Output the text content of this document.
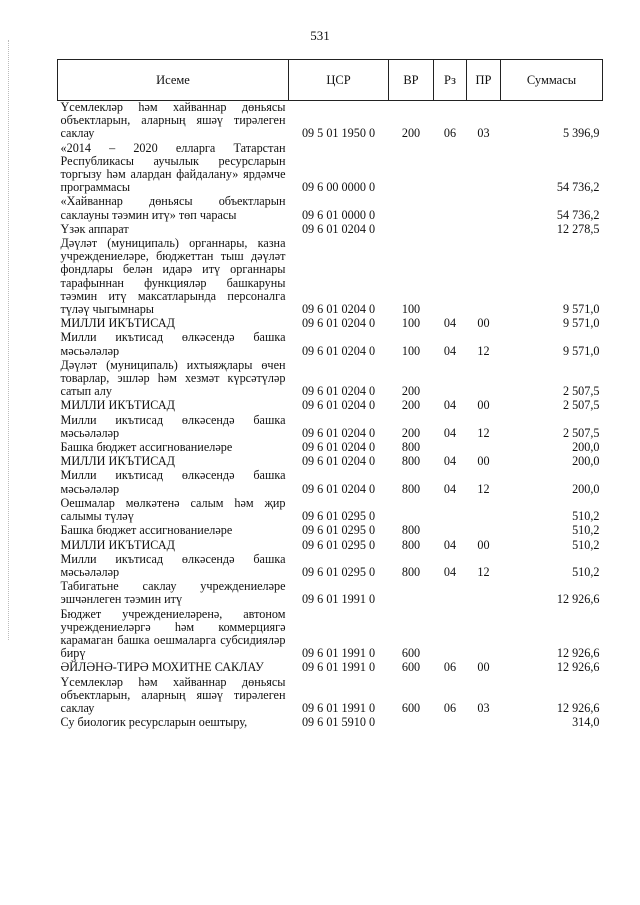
531
Исеме	ЦСР	ВР	Рз	ПР	Суммасы
Үсемлекләр һәм хайваннар дөньясы объектларын, аларның яшәү тирәлеген саклау	09 5 01 1950 0	200	06	03	5 396,9
«2014 – 2020 елларга Татарстан Республикасы аучылык ресурсларын торгызу һәм алардан файдалану» ярдәмче программасы	09 6 00 0000 0				54 736,2
«Хайваннар дөньясы объектларын саклауны тәэмин итү» төп чарасы	09 6 01 0000 0				54 736,2
Үзәк аппарат	09 6 01 0204 0				12 278,5
Дәүләт (муниципаль) органнары, казна учреждениеләре, бюджеттан тыш дәүләт фондлары белән идарә итү органнары тарафыннан функцияләр башкаруны тәэмин итү максатларында персоналга түләү чыгымнары	09 6 01 0204 0	100			9 571,0
МИЛЛИ ИКЪТИСАД	09 6 01 0204 0	100	04	00	9 571,0
Милли икътисад өлкәсендә башка мәсьәләләр	09 6 01 0204 0	100	04	12	9 571,0
Дәүләт (муниципаль) ихтыяҗлары өчен товарлар, эшләр һәм хезмәт күрсәтүләр сатып алу	09 6 01 0204 0	200			2 507,5
МИЛЛИ ИКЪТИСАД	09 6 01 0204 0	200	04	00	2 507,5
Милли икътисад өлкәсендә башка мәсьәләләр	09 6 01 0204 0	200	04	12	2 507,5
Башка бюджет ассигнованиеләре	09 6 01 0204 0	800			200,0
МИЛЛИ ИКЪТИСАД	09 6 01 0204 0	800	04	00	200,0
Милли икътисад өлкәсендә башка мәсьәләләр	09 6 01 0204 0	800	04	12	200,0
Оешмалар мөлкәтенә салым һәм җир салымы түләү	09 6 01 0295 0				510,2
Башка бюджет ассигнованиеләре	09 6 01 0295 0	800			510,2
МИЛЛИ ИКЪТИСАД	09 6 01 0295 0	800	04	00	510,2
Милли икътисад өлкәсендә башка мәсьәләләр	09 6 01 0295 0	800	04	12	510,2
Табигатьне саклау учреждениеләре эшчәнлеген тәэмин итү	09 6 01 1991 0				12 926,6
Бюджет учреждениеләренә, автоном учреждениеләргә һәм коммерциягә карамаган башка оешмаларга субсидияләр бирү	09 6 01 1991 0	600			12 926,6
ӘЙЛӘНӘ-ТИРӘ МОХИТНЕ САКЛАУ	09 6 01 1991 0	600	06	00	12 926,6
Үсемлекләр һәм хайваннар дөньясы объектларын, аларның яшәү тирәлеген саклау	09 6 01 1991 0	600	06	03	12 926,6
Су биологик ресурсларын оештыру,	09 6 01 5910 0				314,0
